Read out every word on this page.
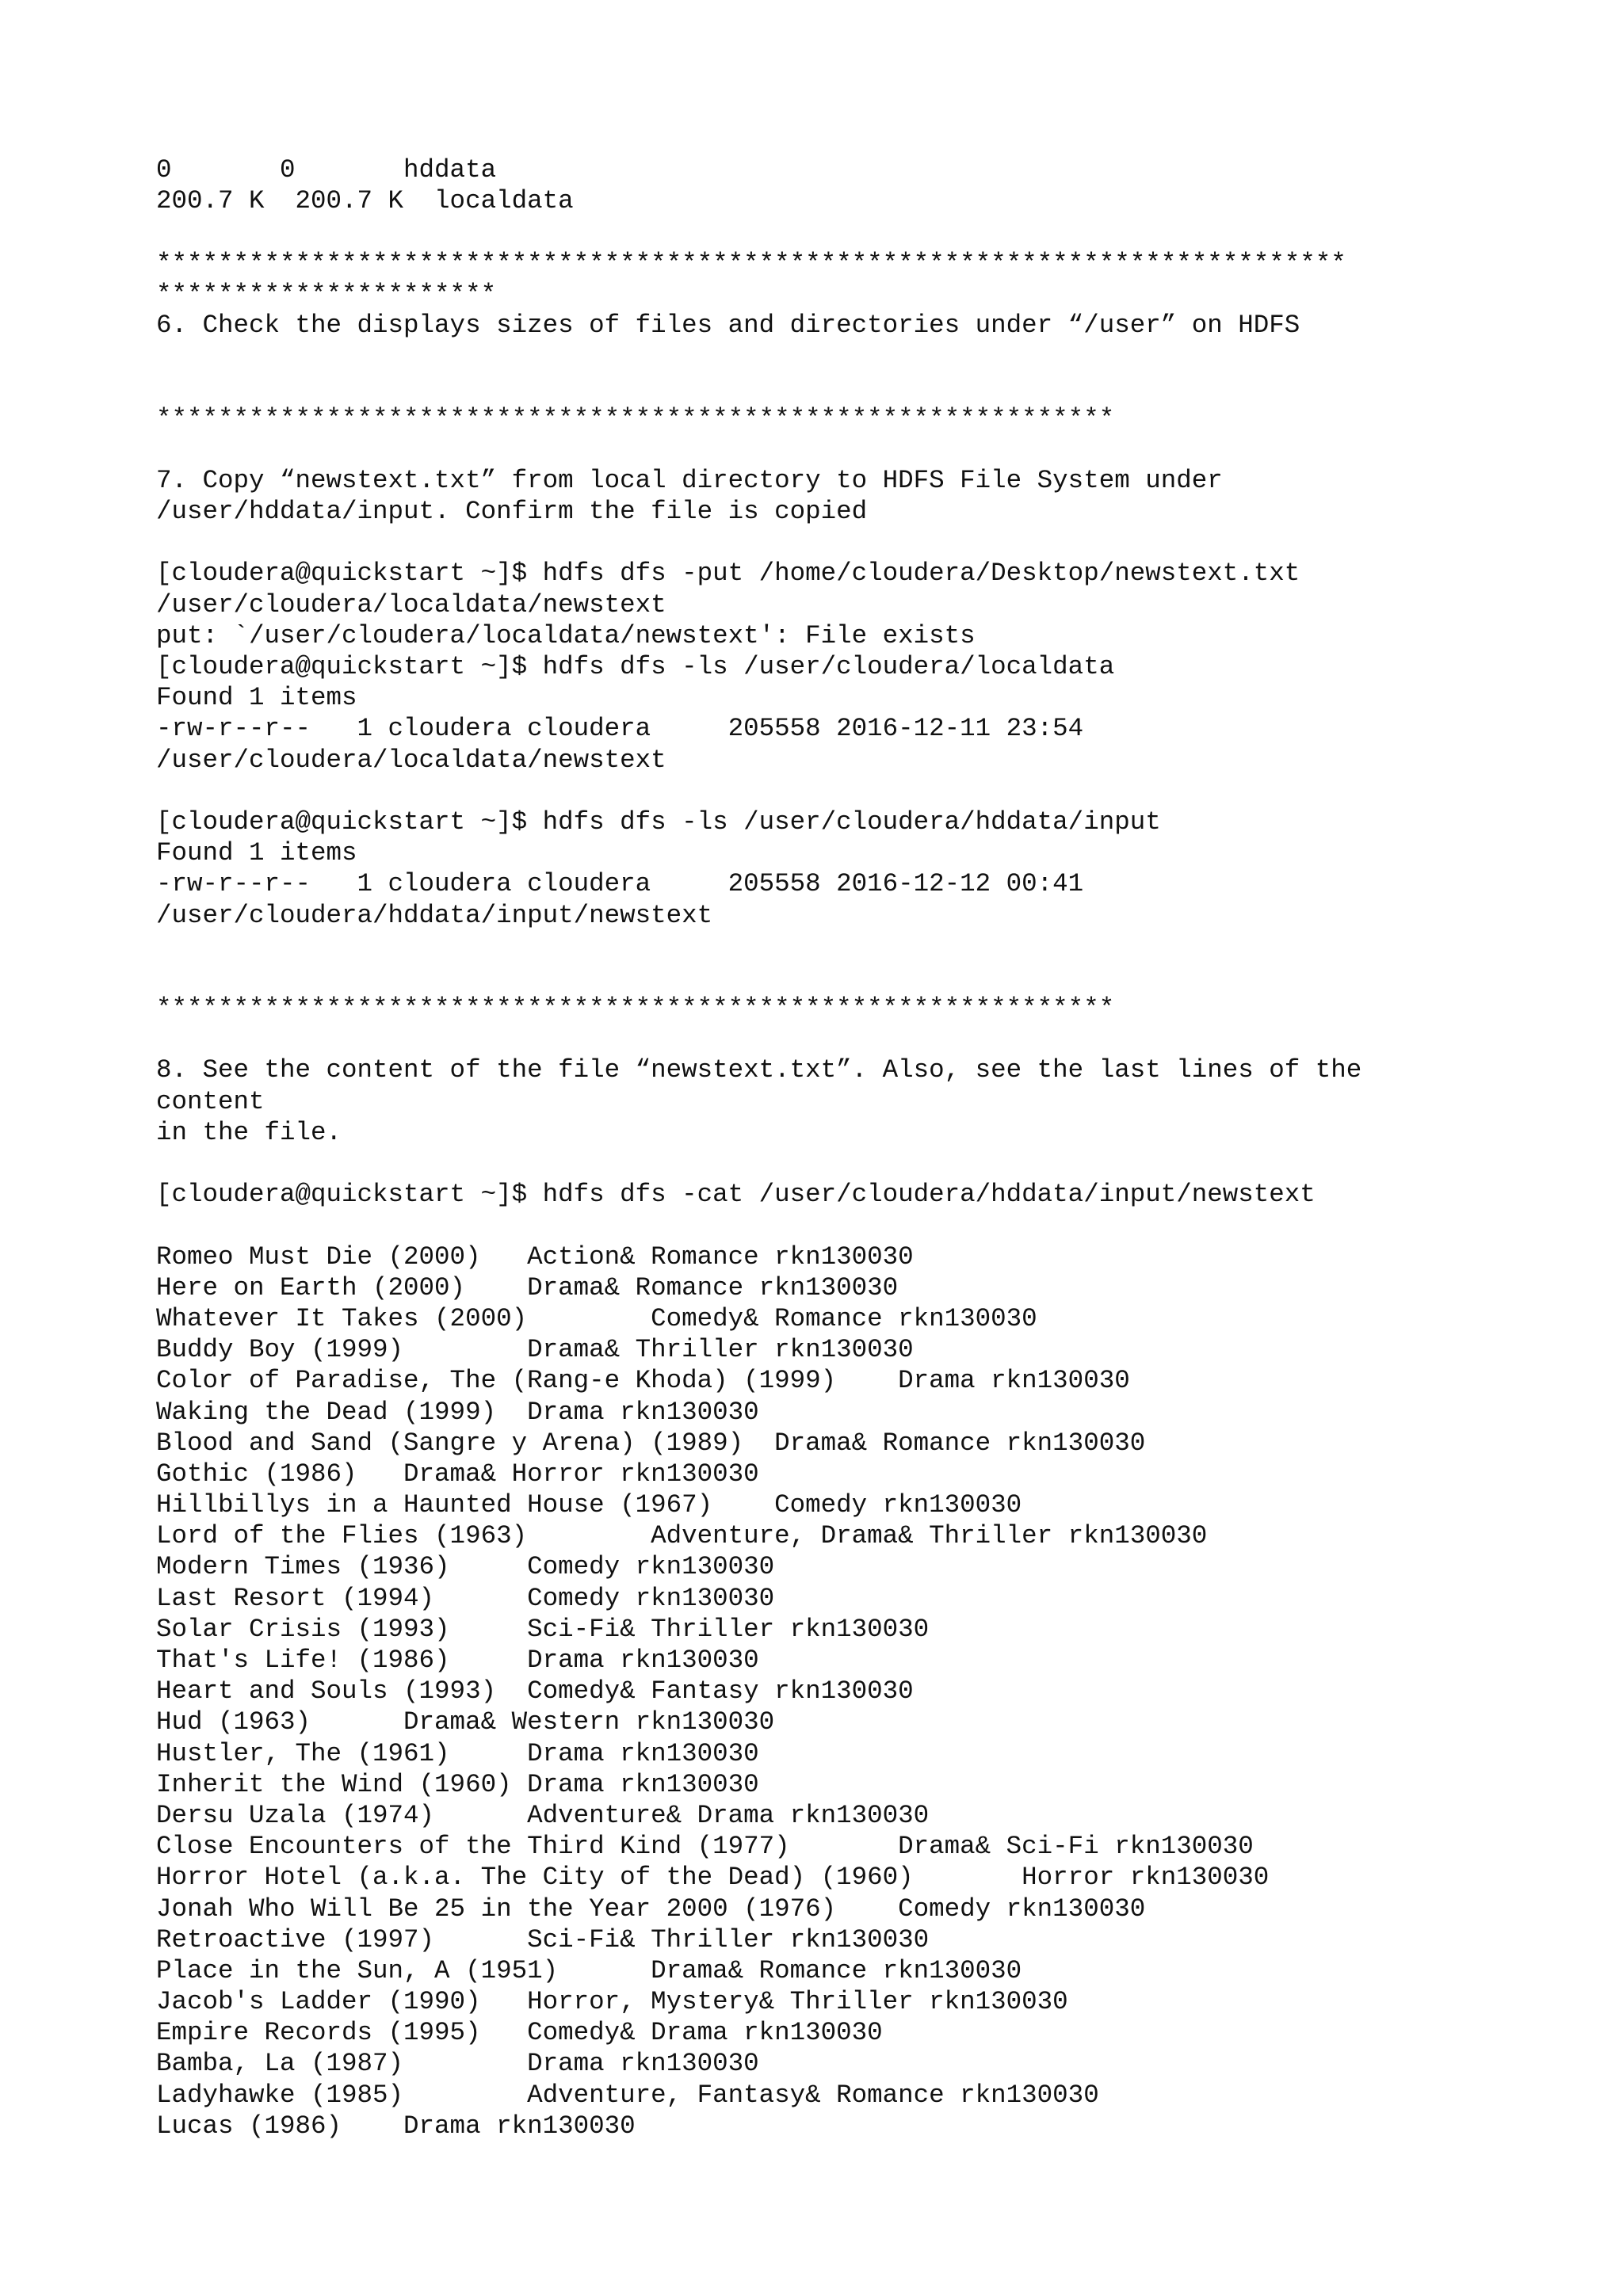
0       0       hddata
200.7 K  200.7 K  localdata
*****************************************************************************
**********************
6. Check the displays sizes of files and directories under “/user” on HDFS
**************************************************************
7. Copy “newstext.txt” from local directory to HDFS File System under
/user/hddata/input. Confirm the file is copied
[cloudera@quickstart ~]$ hdfs dfs -put /home/cloudera/Desktop/newstext.txt
/user/cloudera/localdata/newstext
put: `/user/cloudera/localdata/newstext': File exists
[cloudera@quickstart ~]$ hdfs dfs -ls /user/cloudera/localdata
Found 1 items
-rw-r--r--   1 cloudera cloudera     205558 2016-12-11 23:54
/user/cloudera/localdata/newstext
[cloudera@quickstart ~]$ hdfs dfs -ls /user/cloudera/hddata/input
Found 1 items
-rw-r--r--   1 cloudera cloudera     205558 2016-12-12 00:41
/user/cloudera/hddata/input/newstext
**************************************************************
8. See the content of the file “newstext.txt”. Also, see the last lines of the
content
in the file.
[cloudera@quickstart ~]$ hdfs dfs -cat /user/cloudera/hddata/input/newstext
Romeo Must Die (2000)   Action& Romance rkn130030
Here on Earth (2000)    Drama& Romance rkn130030
Whatever It Takes (2000)        Comedy& Romance rkn130030
Buddy Boy (1999)        Drama& Thriller rkn130030
Color of Paradise, The (Rang-e Khoda) (1999)    Drama rkn130030
Waking the Dead (1999)  Drama rkn130030
Blood and Sand (Sangre y Arena) (1989)  Drama& Romance rkn130030
Gothic (1986)   Drama& Horror rkn130030
Hillbillys in a Haunted House (1967)    Comedy rkn130030
Lord of the Flies (1963)        Adventure, Drama& Thriller rkn130030
Modern Times (1936)     Comedy rkn130030
Last Resort (1994)      Comedy rkn130030
Solar Crisis (1993)     Sci-Fi& Thriller rkn130030
That's Life! (1986)     Drama rkn130030
Heart and Souls (1993)  Comedy& Fantasy rkn130030
Hud (1963)      Drama& Western rkn130030
Hustler, The (1961)     Drama rkn130030
Inherit the Wind (1960) Drama rkn130030
Dersu Uzala (1974)      Adventure& Drama rkn130030
Close Encounters of the Third Kind (1977)       Drama& Sci-Fi rkn130030
Horror Hotel (a.k.a. The City of the Dead) (1960)       Horror rkn130030
Jonah Who Will Be 25 in the Year 2000 (1976)    Comedy rkn130030
Retroactive (1997)      Sci-Fi& Thriller rkn130030
Place in the Sun, A (1951)      Drama& Romance rkn130030
Jacob's Ladder (1990)   Horror, Mystery& Thriller rkn130030
Empire Records (1995)   Comedy& Drama rkn130030
Bamba, La (1987)        Drama rkn130030
Ladyhawke (1985)        Adventure, Fantasy& Romance rkn130030
Lucas (1986)    Drama rkn130030
